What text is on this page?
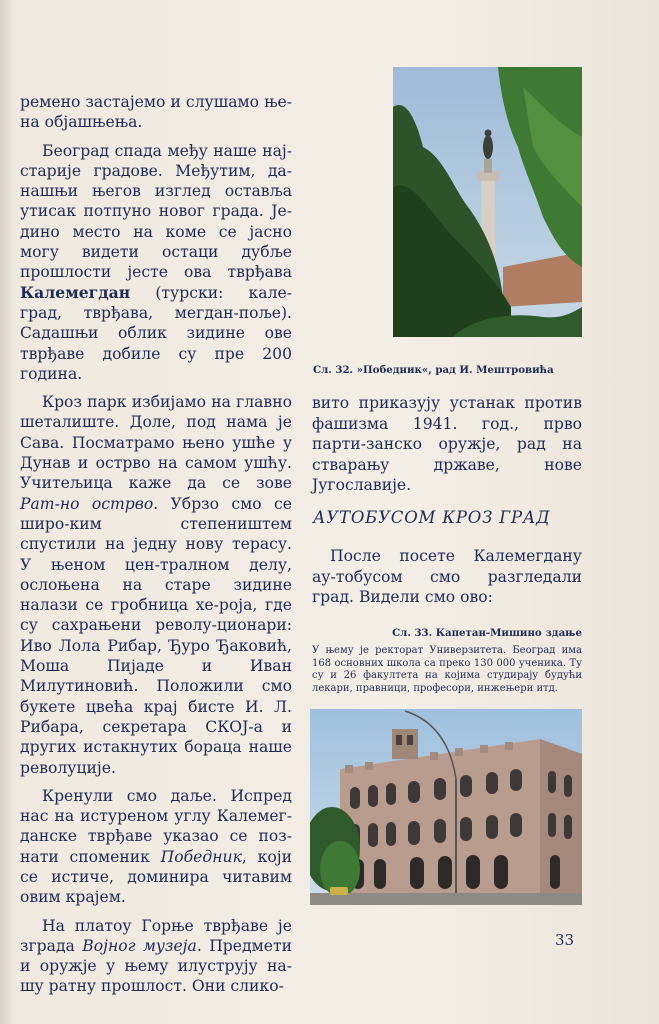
ремено застајемо и слушамо ње-на објашњења.

Београд спада међу наше нај-старије градове. Међутим, да-нашњи његов изглед оставља утисак потпуно новог града. Је-дино место на коме се јасно могу видети остаци дубље прошлости јесте ова тврђава Калемегдан (турски: кале-град, тврђава, мегдан-поље). Садашњи облик зидине ове тврђаве добиле су пре 200 година.

Кроз парк избијамо на главно шеталиште. Доле, под нама је Сава. Посматрамо њено ушће у Дунав и острво на самом ушћу. Учитељица каже да се зове Рат-но острво. Убрзо смо се широ-ким степеништем спустили на једну нову терасу. У њеном цен-тралном делу, ослоњена на старе зидине налази се гробница хе-роја, где су сахрањени револу-ционари: Иво Лола Рибар, Ђуро Ђаковић, Моша Пијаде и Иван Милутиновић. Положили смо букете цвећа крај бисте И. Л. Рибара, секретара СКОЈ-а и других истакнутих бораца наше револуције.

Кренули смо даље. Испред нас на истуреном углу Калемег-данске тврђаве указао се поз-нати споменик Победник, који се истиче, доминира читавим овим крајем.

На платоу Горње тврђаве је зграда Војног музеја. Предмети и оружје у њему илуструју на-шу ратну прошлост. Они слико-

Сл. 32. »Победник«, рад И. Мештровића

вито приказују устанак против фашизма 1941. год., прво парти-занско оружје, рад на стварању државе, нове Југославије.

АУТОБУСОМ КРОЗ ГРАД

После посете Калемегдану ау-тобусом смо разгледали град. Видели смо ово:

Сл. 33. Капетан-Мишино здање
У њему је ректорат Универзитета. Београд има 168 основних школа са преко 130 000 ученика. Ту су и 26 факултета на којима студирају будући лекари, правници, професори, инжењери итд.
33
